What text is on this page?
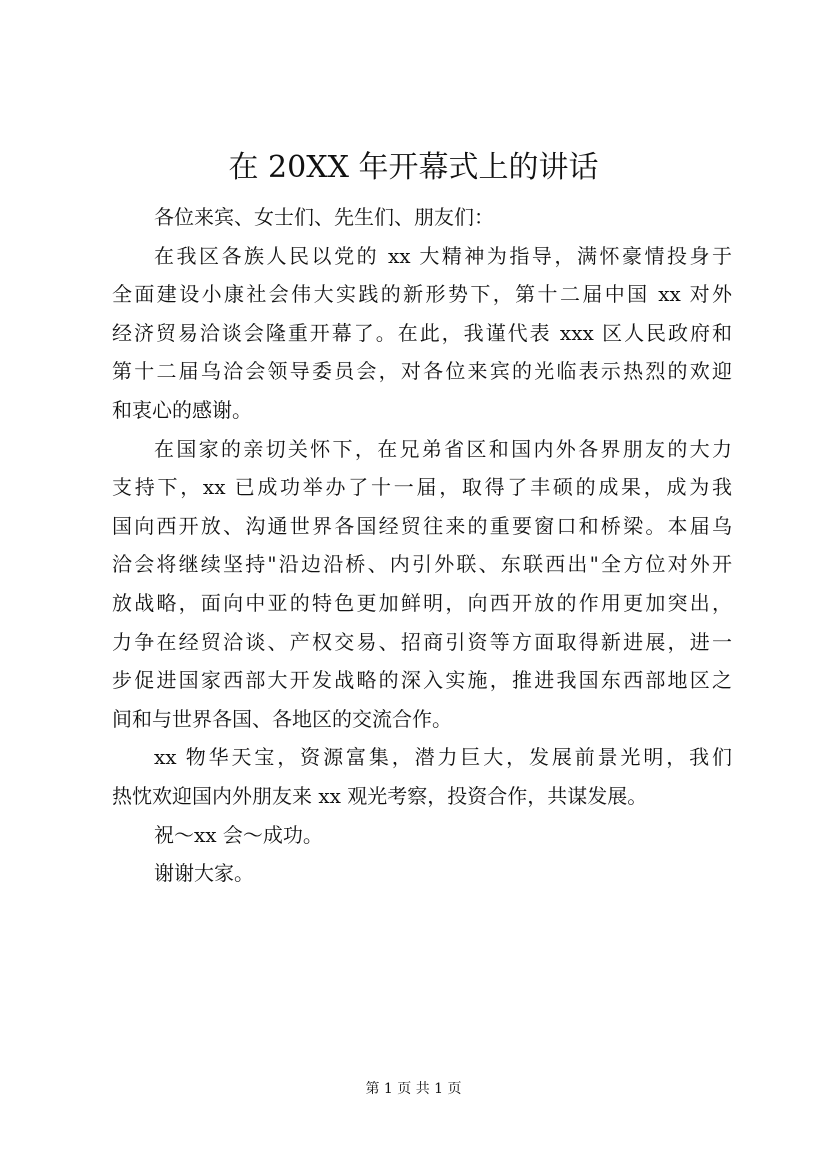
在 20XX 年开幕式上的讲话
各位来宾、女士们、先生们、朋友们：
在我区各族人民以党的 xx 大精神为指导，满怀豪情投身于
全面建设小康社会伟大实践的新形势下，第十二届中国 xx 对外
经济贸易洽谈会隆重开幕了。在此，我谨代表 xxx 区人民政府和
第十二届乌洽会领导委员会，对各位来宾的光临表示热烈的欢迎
和衷心的感谢。
在国家的亲切关怀下，在兄弟省区和国内外各界朋友的大力
支持下，xx 已成功举办了十一届，取得了丰硕的成果，成为我
国向西开放、沟通世界各国经贸往来的重要窗口和桥梁。本届乌
洽会将继续坚持"沿边沿桥、内引外联、东联西出"全方位对外开
放战略，面向中亚的特色更加鲜明，向西开放的作用更加突出，
力争在经贸洽谈、产权交易、招商引资等方面取得新进展，进一
步促进国家西部大开发战略的深入实施，推进我国东西部地区之
间和与世界各国、各地区的交流合作。
xx 物华天宝，资源富集，潜力巨大，发展前景光明，我们
热忱欢迎国内外朋友来 xx 观光考察，投资合作，共谋发展。
祝～xx 会～成功。
谢谢大家。
第 1 页 共 1 页
